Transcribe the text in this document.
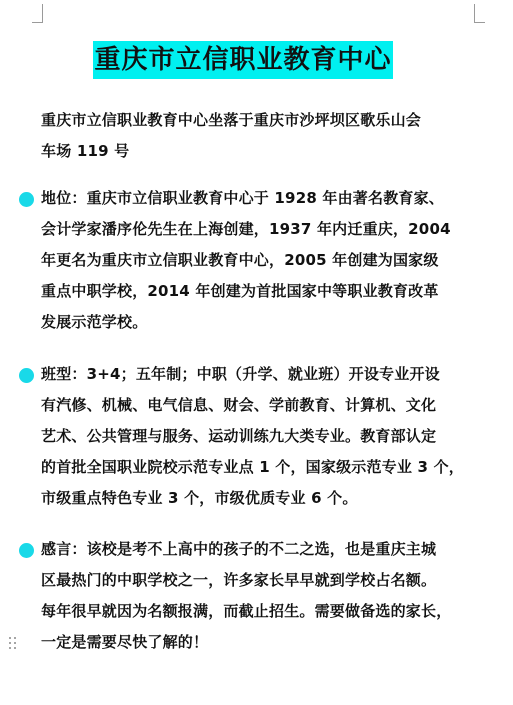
重庆市立信职业教育中心
重庆市立信职业教育中心坐落于重庆市沙坪坝区歌乐山会
车场 119 号
地位：重庆市立信职业教育中心于 1928 年由著名教育家、
会计学家潘序伦先生在上海创建，1937 年内迁重庆，2004
年更名为重庆市立信职业教育中心，2005 年创建为国家级
重点中职学校，2014 年创建为首批国家中等职业教育改革
发展示范学校。
班型：3+4；五年制；中职（升学、就业班）开设专业开设
有汽修、机械、电气信息、财会、学前教育、计算机、文化
艺术、公共管理与服务、运动训练九大类专业。教育部认定
的首批全国职业院校示范专业点 1 个，国家级示范专业 3 个，
市级重点特色专业 3 个，市级优质专业 6 个。
感言：该校是考不上高中的孩子的不二之选，也是重庆主城
区最热门的中职学校之一，许多家长早早就到学校占名额。
每年很早就因为名额报满，而截止招生。需要做备选的家长，
一定是需要尽快了解的！
